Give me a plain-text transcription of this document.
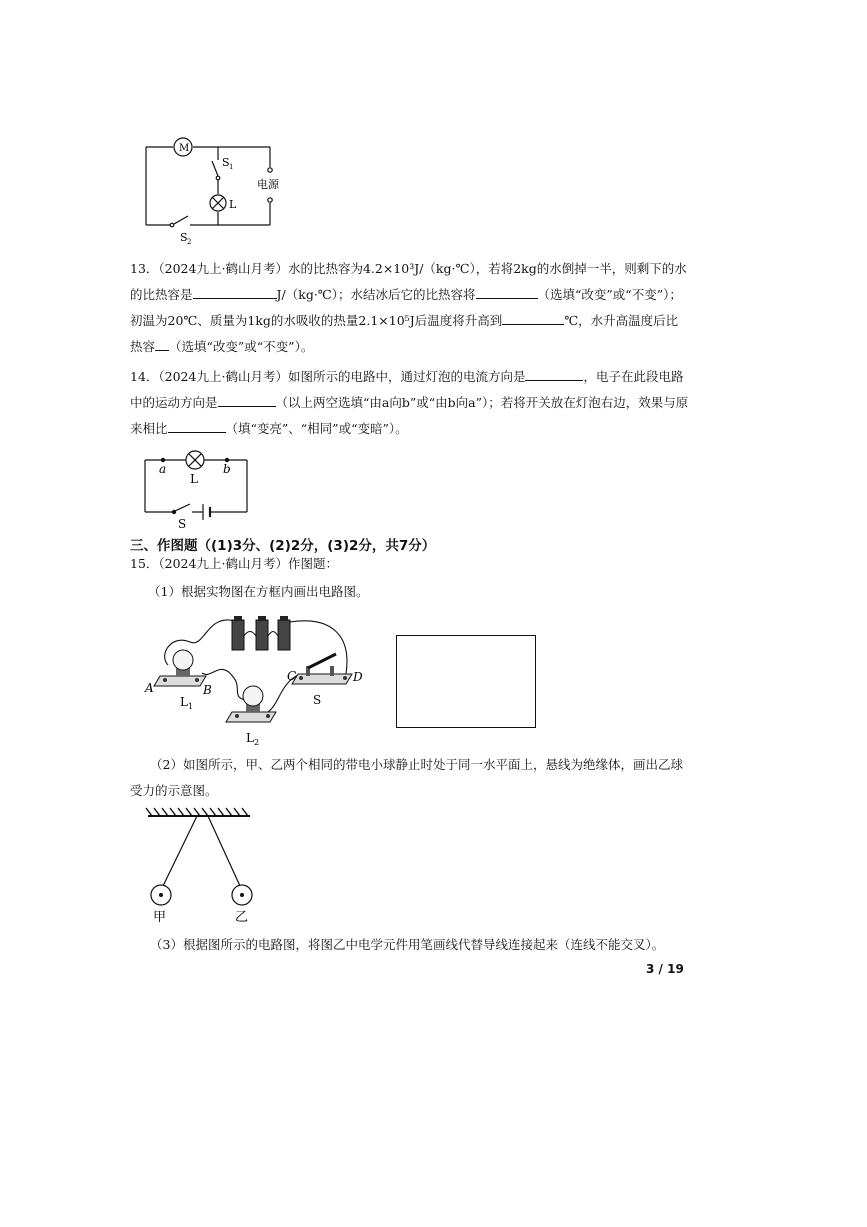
M
S 1
L
S 2
电源
13．（2024九上·鹤山月考）水的比热容为4.2×10³J/（kg·℃），若将2kg的水倒掉一半，则剩下的水的比热容是	J/（kg·℃）；水结冰后它的比热容将	（选填“改变”或“不变”）；初温为20℃、质量为1kg的水吸收的热量2.1×10⁵J后温度将升高到	℃，水升高温度后比热容 （选填“改变”或“不变”）。
14．（2024九上·鹤山月考）如图所示的电路中，通过灯泡的电流方向是	，电子在此段电路中的运动方向是	（以上两空选填“由a向b”或“由b向a”）；若将开关放在灯泡右边，效果与原来相比	（填“变亮”、“相同”或“变暗”）。
a	b
L
S
三、作图题（(1)3分、(2)2分，(3)2分，共7分）
15．（2024九上·鹤山月考）作图题：
（1）根据实物图在方框内画出电路图。
A	B
C	D
L 1
L 2
S
（2）如图所示，甲、乙两个相同的带电小球静止时处于同一水平面上，悬线为绝缘体，画出乙球受力的示意图。
甲	乙
（3）根据图所示的电路图，将图乙中电学元件用笔画线代替导线连接起来（连线不能交叉）。
3 / 19
